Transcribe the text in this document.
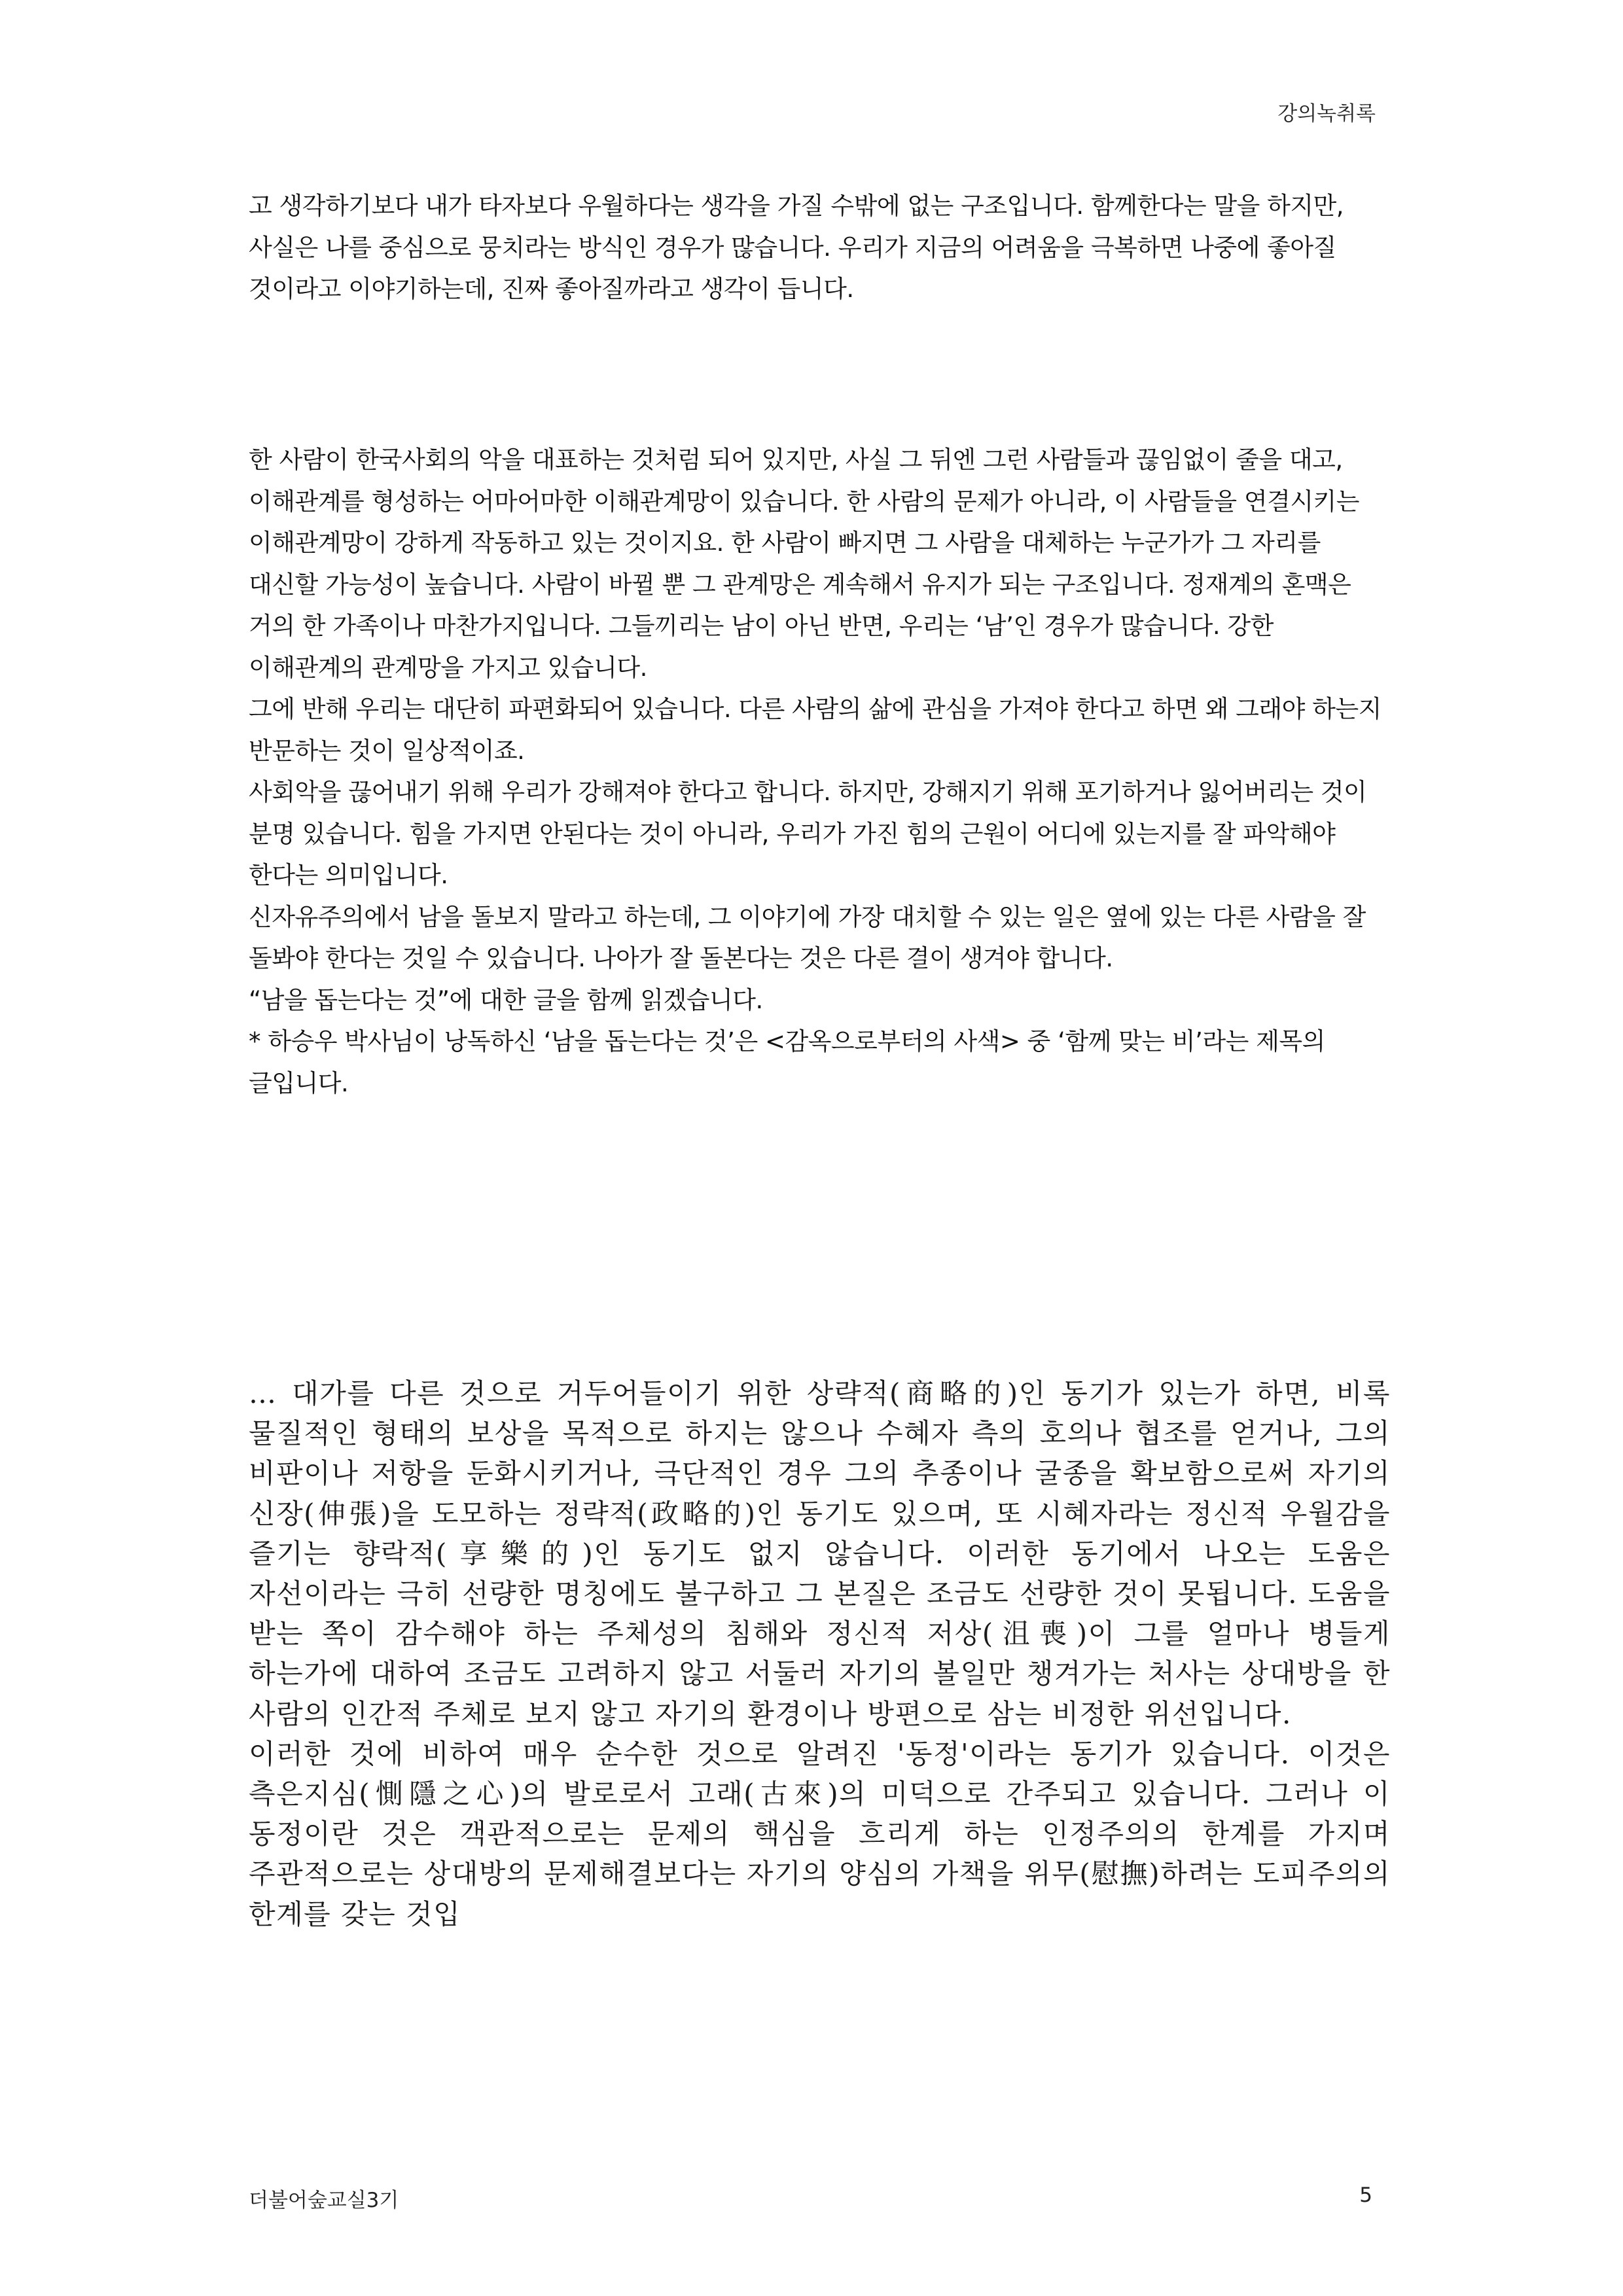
강의녹취록

고 생각하기보다 내가 타자보다 우월하다는 생각을 가질 수밖에 없는 구조입니다. 함께한다는 말을 하지만, 사실은 나를 중심으로 뭉치라는 방식인 경우가 많습니다. 우리가 지금의 어려움을 극복하면 나중에 좋아질 것이라고 이야기하는데, 진짜 좋아질까라고 생각이 듭니다.

한 사람이 한국사회의 악을 대표하는 것처럼 되어 있지만, 사실 그 뒤엔 그런 사람들과 끊임없이 줄을 대고, 이해관계를 형성하는 어마어마한 이해관계망이 있습니다. 한 사람의 문제가 아니라, 이 사람들을 연결시키는 이해관계망이 강하게 작동하고 있는 것이지요. 한 사람이 빠지면 그 사람을 대체하는 누군가가 그 자리를 대신할 가능성이 높습니다. 사람이 바뀔 뿐 그 관계망은 계속해서 유지가 되는 구조입니다. 정재계의 혼맥은 거의 한 가족이나 마찬가지입니다. 그들끼리는 남이 아닌 반면, 우리는 ‘남’인 경우가 많습니다. 강한 이해관계의 관계망을 가지고 있습니다.

그에 반해 우리는 대단히 파편화되어 있습니다. 다른 사람의 삶에 관심을 가져야 한다고 하면 왜 그래야 하는지 반문하는 것이 일상적이죠.

사회악을 끊어내기 위해 우리가 강해져야 한다고 합니다. 하지만, 강해지기 위해 포기하거나 잃어버리는 것이 분명 있습니다. 힘을 가지면 안된다는 것이 아니라, 우리가 가진 힘의 근원이 어디에 있는지를 잘 파악해야 한다는 의미입니다.

신자유주의에서 남을 돌보지 말라고 하는데, 그 이야기에 가장 대치할 수 있는 일은 옆에 있는 다른 사람을 잘 돌봐야 한다는 것일 수 있습니다. 나아가 잘 돌본다는 것은 다른 결이 생겨야 합니다.

“남을 돕는다는 것”에 대한 글을 함께 읽겠습니다.

* 하승우 박사님이 낭독하신 ‘남을 돕는다는 것’은 <감옥으로부터의 사색> 중 ‘함께 맞는 비’라는 제목의 글입니다.

… 대가를 다른 것으로 거두어들이기 위한 상략적(商略的)인 동기가 있는가 하면, 비록 물질적인 형태의 보상을 목적으로 하지는 않으나 수혜자 측의 호의나 협조를 얻거나, 그의 비판이나 저항을 둔화시키거나, 극단적인 경우 그의 추종이나 굴종을 확보함으로써 자기의 신장(伸張)을 도모하는 정략적(政略的)인 동기도 있으며, 또 시혜자라는 정신적 우월감을 즐기는 향락적(享樂的)인 동기도 없지 않습니다. 이러한 동기에서 나오는 도움은 자선이라는 극히 선량한 명칭에도 불구하고 그 본질은 조금도 선량한 것이 못됩니다. 도움을 받는 쪽이 감수해야 하는 주체성의 침해와 정신적 저상(沮喪)이 그를 얼마나 병들게 하는가에 대하여 조금도 고려하지 않고 서둘러 자기의 볼일만 챙겨가는 처사는 상대방을 한 사람의 인간적 주체로 보지 않고 자기의 환경이나 방편으로 삼는 비정한 위선입니다.

이러한 것에 비하여 매우 순수한 것으로 알려진 '동정'이라는 동기가 있습니다. 이것은 측은지심(惻隱之心)의 발로로서 고래(古來)의 미덕으로 간주되고 있습니다. 그러나 이 동정이란 것은 객관적으로는 문제의 핵심을 흐리게 하는 인정주의의 한계를 가지며 주관적으로는 상대방의 문제해결보다는 자기의 양심의 가책을 위무(慰撫)하려는 도피주의의 한계를 갖는 것입

더불어숲교실3기	5
